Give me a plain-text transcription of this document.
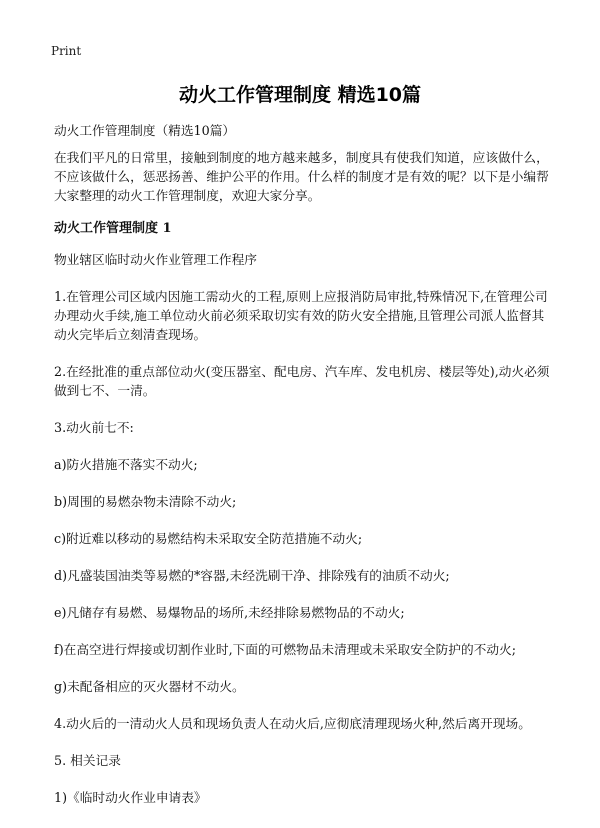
Print
动火工作管理制度 精选10篇

动火工作管理制度（精选10篇）

在我们平凡的日常里，接触到制度的地方越来越多，制度具有使我们知道，应该做什么，不应该做什么，惩恶扬善、维护公平的作用。什么样的制度才是有效的呢？以下是小编帮大家整理的动火工作管理制度，欢迎大家分享。

动火工作管理制度 1

物业辖区临时动火作业管理工作程序

1.在管理公司区域内因施工需动火的工程,原则上应报消防局审批,特殊情况下,在管理公司办理动火手续,施工单位动火前必须采取切实有效的防火安全措施,且管理公司派人监督其动火完毕后立刻清查现场。

2.在经批准的重点部位动火(变压器室、配电房、汽车库、发电机房、楼层等处),动火必须做到七不、一清。

3.动火前七不:

a)防火措施不落实不动火;

b)周围的易燃杂物未清除不动火;

c)附近难以移动的易燃结构未采取安全防范措施不动火;

d)凡盛装国油类等易燃的*容器,未经洗刷干净、排除残有的油质不动火;

e)凡储存有易燃、易爆物品的场所,未经排除易燃物品的不动火;

f)在高空进行焊接或切割作业时,下面的可燃物品未清理或未采取安全防护的不动火;

g)未配备相应的灭火器材不动火。

4.动火后的一清动火人员和现场负责人在动火后,应彻底清理现场火种,然后离开现场。

5. 相关记录

1)《临时动火作业申请表》
